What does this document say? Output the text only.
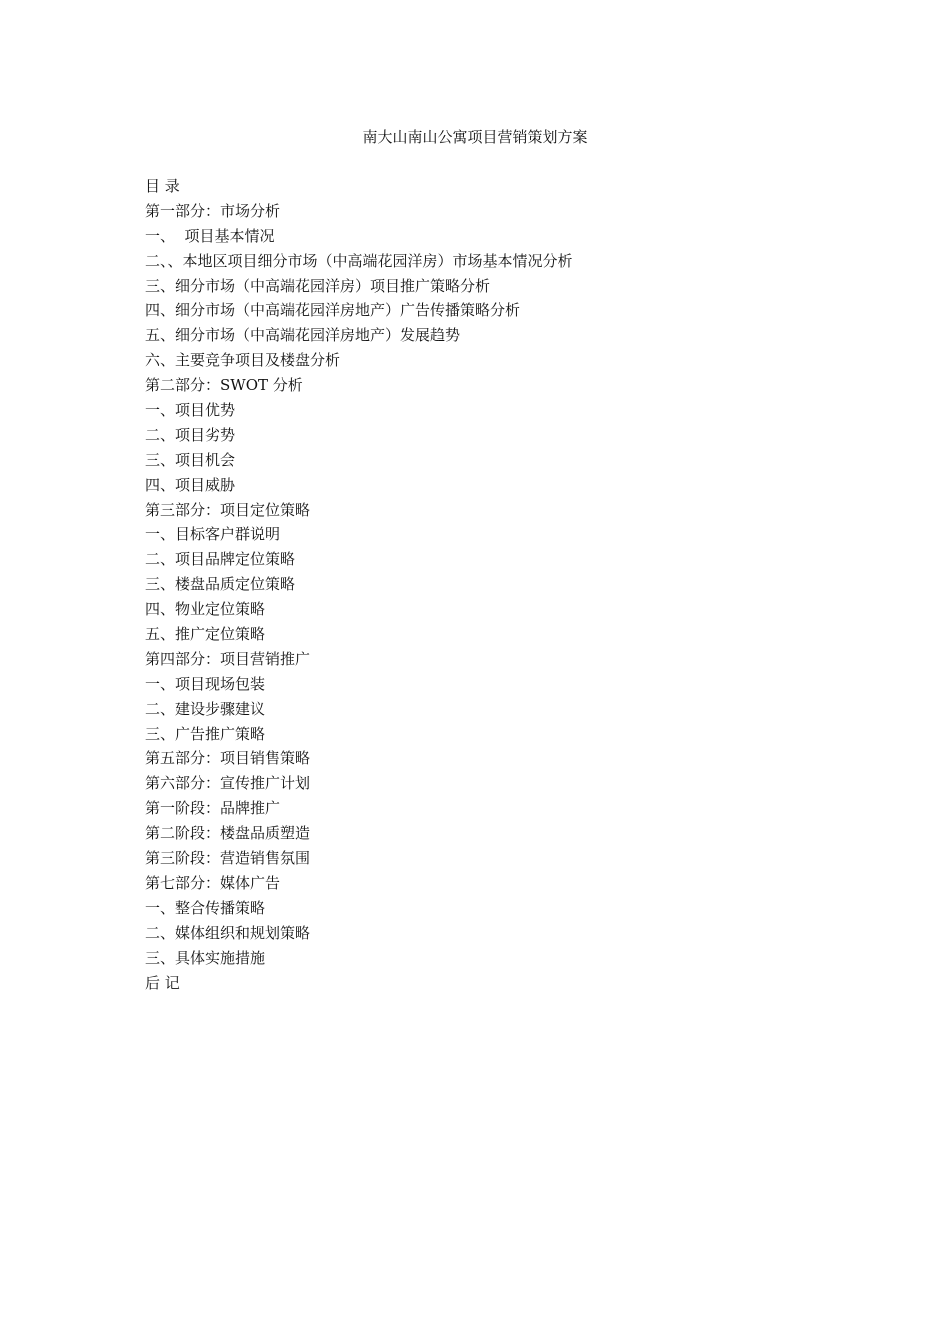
南大山南山公寓项目营销策划方案
目 录
第一部分：市场分析
一、  项目基本情况
二、、本地区项目细分市场（中高端花园洋房）市场基本情况分析
三、细分市场（中高端花园洋房）项目推广策略分析
四、细分市场（中高端花园洋房地产）广告传播策略分析
五、细分市场（中高端花园洋房地产）发展趋势
六、主要竞争项目及楼盘分析
第二部分：SWOT 分析
一、项目优势
二、项目劣势
三、项目机会
四、项目威胁
第三部分：项目定位策略
一、目标客户群说明
二、项目品牌定位策略
三、楼盘品质定位策略
四、物业定位策略
五、推广定位策略
第四部分：项目营销推广
一、项目现场包装
二、建设步骤建议
三、广告推广策略
第五部分：项目销售策略
第六部分：宣传推广计划
第一阶段：品牌推广
第二阶段：楼盘品质塑造
第三阶段：营造销售氛围
第七部分：媒体广告
一、整合传播策略
二、媒体组织和规划策略
三、具体实施措施
后 记
